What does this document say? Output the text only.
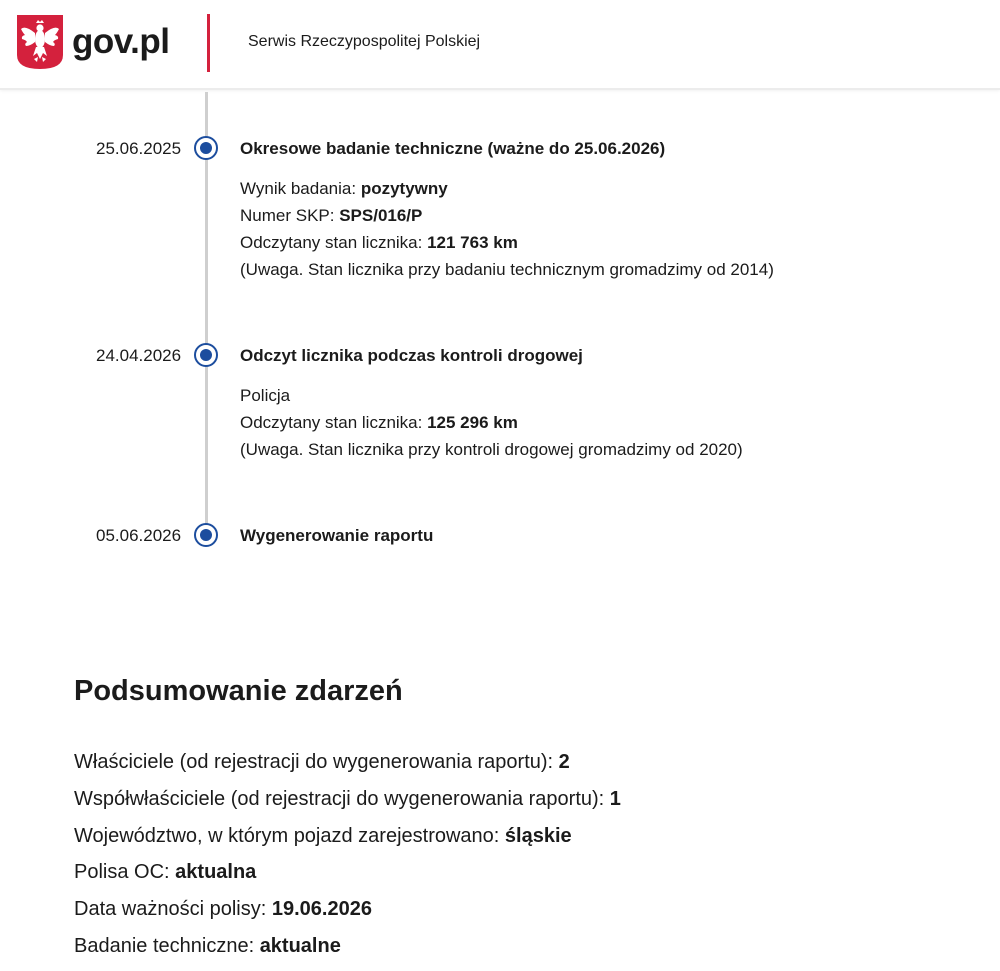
gov.pl	Serwis Rzeczypospolitej Polskiej
25.06.2025	Okresowe badanie techniczne (ważne do 25.06.2026)
Wynik badania: pozytywny
Numer SKP: SPS/016/P
Odczytany stan licznika: 121 763 km
(Uwaga. Stan licznika przy badaniu technicznym gromadzimy od 2014)
24.04.2026	Odczyt licznika podczas kontroli drogowej
Policja
Odczytany stan licznika: 125 296 km
(Uwaga. Stan licznika przy kontroli drogowej gromadzimy od 2020)
05.06.2026	Wygenerowanie raportu
Podsumowanie zdarzeń
Właściciele (od rejestracji do wygenerowania raportu): 2
Współwłaściciele (od rejestracji do wygenerowania raportu): 1
Województwo, w którym pojazd zarejestrowano: śląskie
Polisa OC: aktualna
Data ważności polisy: 19.06.2026
Badanie techniczne: aktualne
